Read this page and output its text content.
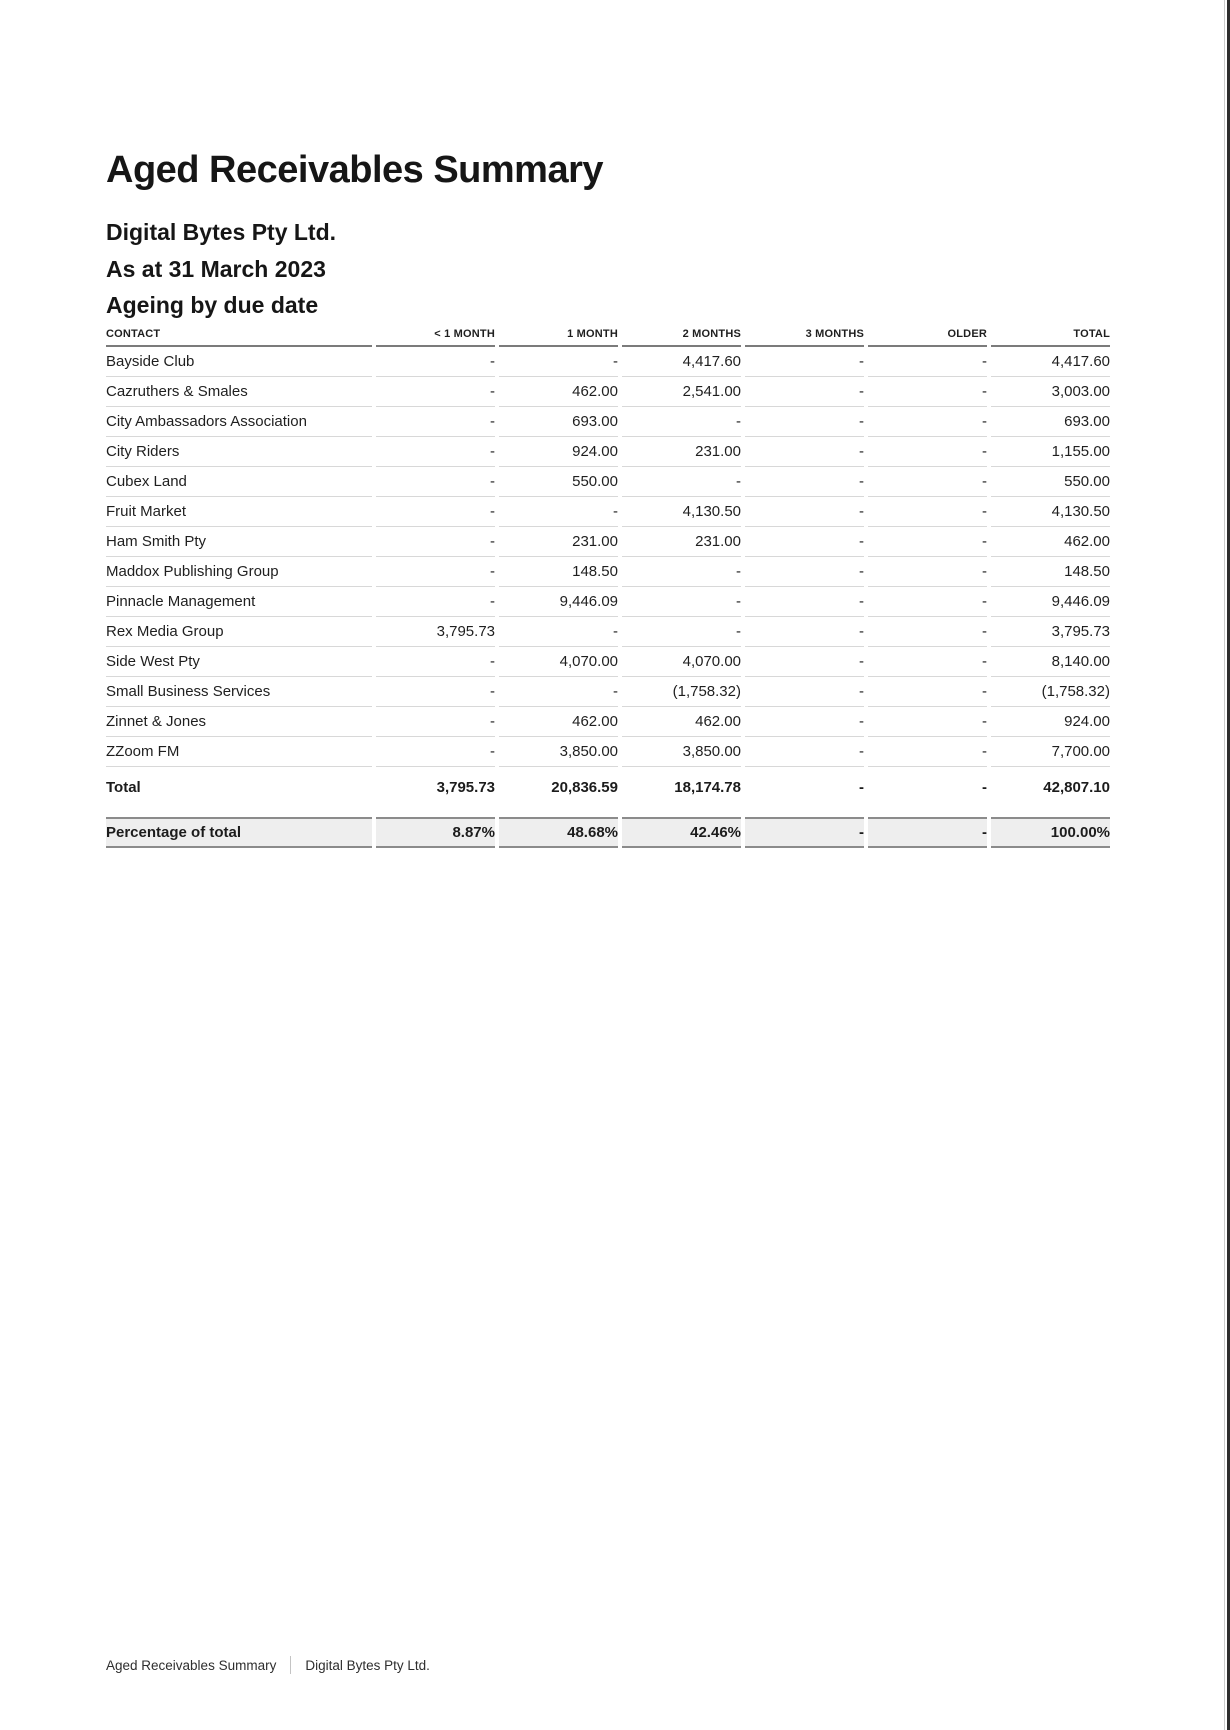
Aged Receivables Summary
Digital Bytes Pty Ltd.
As at 31 March 2023
Ageing by due date
CONTACT	< 1 MONTH	1 MONTH	2 MONTHS	3 MONTHS	OLDER	TOTAL
Bayside Club	-	-	4,417.60	-	-	4,417.60
Cazruthers & Smales	-	462.00	2,541.00	-	-	3,003.00
City Ambassadors Association	-	693.00	-	-	-	693.00
City Riders	-	924.00	231.00	-	-	1,155.00
Cubex Land	-	550.00	-	-	-	550.00
Fruit Market	-	-	4,130.50	-	-	4,130.50
Ham Smith Pty	-	231.00	231.00	-	-	462.00
Maddox Publishing Group	-	148.50	-	-	-	148.50
Pinnacle Management	-	9,446.09	-	-	-	9,446.09
Rex Media Group	3,795.73	-	-	-	-	3,795.73
Side West Pty	-	4,070.00	4,070.00	-	-	8,140.00
Small Business Services	-	-	(1,758.32)	-	-	(1,758.32)
Zinnet & Jones	-	462.00	462.00	-	-	924.00
ZZoom FM	-	3,850.00	3,850.00	-	-	7,700.00
Total	3,795.73	20,836.59	18,174.78	-	-	42,807.10

Percentage of total	8.87%	48.68%	42.46%	-	-	100.00%
Aged Receivables Summary Digital Bytes Pty Ltd.
